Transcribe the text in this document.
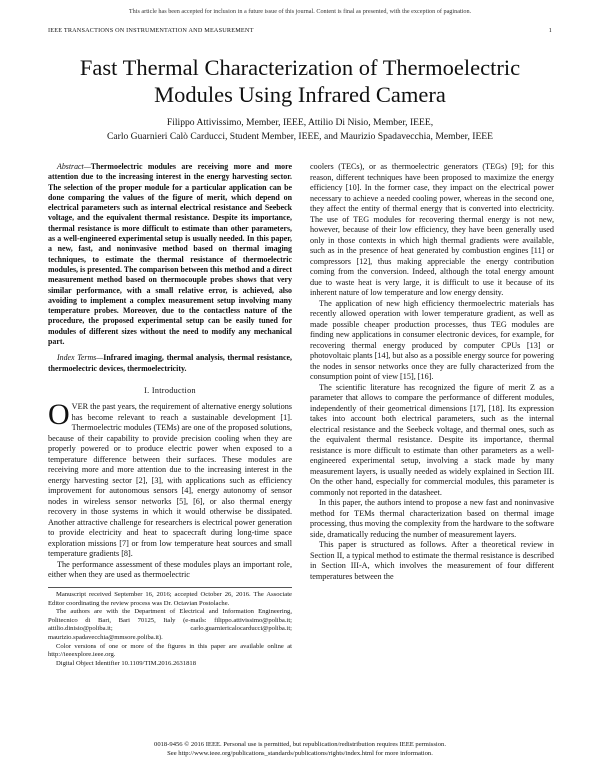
This article has been accepted for inclusion in a future issue of this journal. Content is final as presented, with the exception of pagination.
IEEE TRANSACTIONS ON INSTRUMENTATION AND MEASUREMENT	1
Fast Thermal Characterization of Thermoelectric Modules Using Infrared Camera
Filippo Attivissimo, Member, IEEE, Attilio Di Nisio, Member, IEEE,
Carlo Guarnieri Calò Carducci, Student Member, IEEE, and Maurizio Spadavecchia, Member, IEEE
Abstract—Thermoelectric modules are receiving more and more attention due to the increasing interest in the energy harvesting sector. The selection of the proper module for a particular application can be done comparing the values of the figure of merit, which depend on electrical parameters such as internal electrical resistance and Seebeck voltage, and the equivalent thermal resistance. Despite its importance, thermal resistance is more difficult to estimate than other parameters, as a well-engineered experimental setup is usually needed. In this paper, a new, fast, and noninvasive method based on thermal imaging techniques, to estimate the thermal resistance of thermoelectric modules, is presented. The comparison between this method and a direct measurement method based on thermocouple probes shows that very similar performance, with a small relative error, is achieved, also avoiding to implement a complex measurement setup involving many temperature probes. Moreover, due to the contactless nature of the procedure, the proposed experimental setup can be easily tuned for modules of different sizes without the need to modify any mechanical part.
Index Terms—Infrared imaging, thermal analysis, thermal resistance, thermoelectric devices, thermoelectricity.
I. Introduction

OVER the past years, the requirement of alternative energy solutions has become relevant to reach a sustainable development [1]. Thermoelectric modules (TEMs) are one of the proposed solutions, because of their capability to provide precision cooling when they are properly powered or to produce electric power when exposed to a temperature difference between their surfaces. These modules are receiving more and more attention due to the increasing interest in the energy harvesting sector [2], [3], with applications such as efficiency improvement for autonomous sensors [4], energy autonomy of sensor nodes in wireless sensor networks [5], [6], or also thermal energy recovery in those systems in which it would otherwise be dissipated. Another attractive challenge for researchers is electrical power generation to provide electricity and heat to spacecraft during long-time space exploration missions [7] or from low temperature heat sources and small temperature gradients [8].

The performance assessment of these modules plays an important role, either when they are used as thermoelectric

Manuscript received September 16, 2016; accepted October 26, 2016. The Associate Editor coordinating the review process was Dr. Octavian Postolache.

The authors are with the Department of Electrical and Information Engineering, Politecnico di Bari, Bari 70125, Italy (e-mails: filippo.attivissimo@poliba.it; attilio.dinisio@poliba.it; carlo.guarniericalocarducci@poliba.it; maurizio.spadavecchia@mmsore.poliba.it).

Color versions of one or more of the figures in this paper are available online at http://ieeexplore.ieee.org.

Digital Object Identifier 10.1109/TIM.2016.2631818

coolers (TECs), or as thermoelectric generators (TEGs) [9]; for this reason, different techniques have been proposed to maximize the energy efficiency [10]. In the former case, they impact on the electrical power necessary to achieve a needed cooling power, whereas in the second one, they affect the entity of thermal energy that is converted into electricity. The use of TEG modules for recovering thermal energy is not new, however, because of their low efficiency, they have been generally used only in those contexts in which high thermal gradients were available, such as in the presence of heat generated by combustion engines [11] or compressors [12], thus making appreciable the energy contribution coming from the conversion. Indeed, although the total energy amount due to waste heat is very large, it is difficult to use it because of its inherent nature of low temperature and low energy density.

The application of new high efficiency thermoelectric materials has recently allowed operation with lower temperature gradient, as well as made possible cheaper production processes, thus TEG modules are finding new applications in consumer electronic devices, for example, for recovering thermal energy produced by computer CPUs [13] or photovoltaic plants [14], but also as a possible energy source for powering the nodes in sensor networks once they are fully characterized from the consumption point of view [15], [16].

The scientific literature has recognized the figure of merit Z as a parameter that allows to compare the performance of different modules, independently of their geometrical dimensions [17], [18]. Its expression takes into account both electrical parameters, such as the internal electrical resistance and the Seebeck voltage, and thermal ones, such as the equivalent thermal resistance. Despite its importance, thermal resistance is more difficult to estimate than other parameters as a well-engineered experimental setup, involving a stack made by many measurement layers, is usually needed as widely explained in Section III. On the other hand, especially for commercial modules, this parameter is commonly not reported in the datasheet.

In this paper, the authors intend to propose a new fast and noninvasive method for TEMs thermal characterization based on thermal image processing, thus moving the complexity from the hardware to the software side, dramatically reducing the number of measurement layers.

This paper is structured as follows. After a theoretical review in Section II, a typical method to estimate the thermal resistance is described in Section III-A, which involves the measurement of four different temperatures between the

0018-9456 © 2016 IEEE. Personal use is permitted, but republication/redistribution requires IEEE permission.
See http://www.ieee.org/publications_standards/publications/rights/index.html for more information.
